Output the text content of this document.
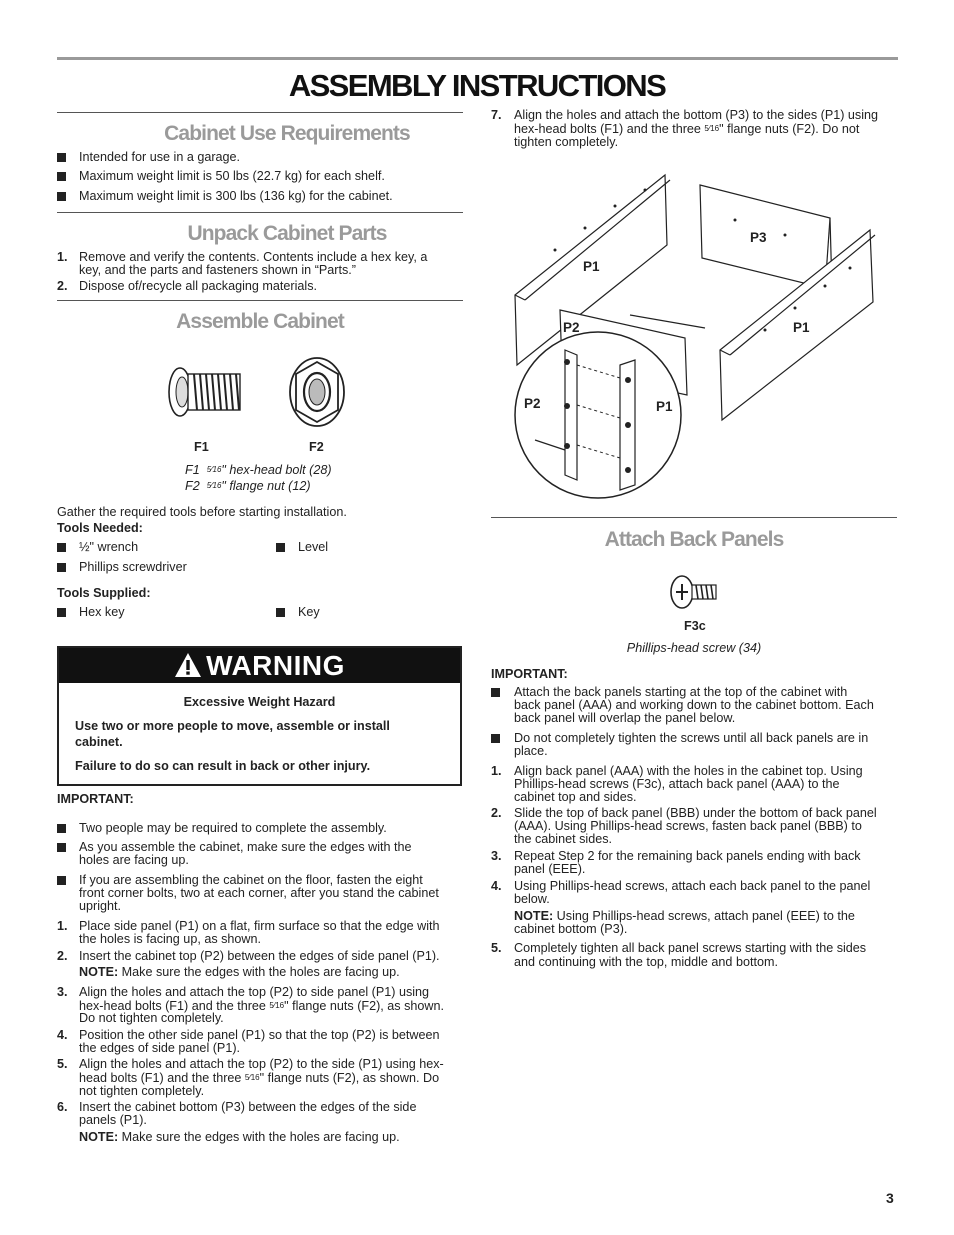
ASSEMBLY INSTRUCTIONS
Cabinet Use Requirements
Intended for use in a garage.
Maximum weight limit is 50 lbs (22.7 kg) for each shelf.
Maximum weight limit is 300 lbs (136 kg) for the cabinet.
Unpack Cabinet Parts
1. Remove and verify the contents. Contents include a hex key, a
key, and the parts and fasteners shown in “Parts.”
2. Dispose of/recycle all packaging materials.
Assemble Cabinet
F1	F2
F1 5⁄16" hex-head bolt (28)
F2 5⁄16" flange nut (12)
Gather the required tools before starting installation.
Tools Needed:
½" wrench	Level
Phillips screwdriver
Tools Supplied:
Hex key	Key
WARNING
Excessive Weight Hazard
Use two or more people to move, assemble or install
cabinet.
Failure to do so can result in back or other injury.
IMPORTANT:
Two people may be required to complete the assembly.
As you assemble the cabinet, make sure the edges with the
holes are facing up.
If you are assembling the cabinet on the floor, fasten the eight
front corner bolts, two at each corner, after you stand the cabinet
upright.
1. Place side panel (P1) on a flat, firm surface so that the edge with
the holes is facing up, as shown.
2. Insert the cabinet top (P2) between the edges of side panel (P1).
NOTE: Make sure the edges with the holes are facing up.
3. Align the holes and attach the top (P2) to side panel (P1) using
hex-head bolts (F1) and the three 5⁄16" flange nuts (F2), as shown.
Do not tighten completely.
4. Position the other side panel (P1) so that the top (P2) is between
the edges of side panel (P1).
5. Align the holes and attach the top (P2) to the side (P1) using hex-
head bolts (F1) and the three 5⁄16" flange nuts (F2), as shown. Do
not tighten completely.
6. Insert the cabinet bottom (P3) between the edges of the side
panels (P1).
NOTE: Make sure the edges with the holes are facing up.
7. Align the holes and attach the bottom (P3) to the sides (P1) using
hex-head bolts (F1) and the three 5⁄16" flange nuts (F2). Do not
tighten completely.
P3
P1
P2	P1
P2	P1
Attach Back Panels
F3c
Phillips-head screw (34)
IMPORTANT:
Attach the back panels starting at the top of the cabinet with
back panel (AAA) and working down to the cabinet bottom. Each
back panel will overlap the panel below.
Do not completely tighten the screws until all back panels are in
place.
1. Align back panel (AAA) with the holes in the cabinet top. Using
Phillips-head screws (F3c), attach back panel (AAA) to the
cabinet top and sides.
2. Slide the top of back panel (BBB) under the bottom of back panel
(AAA). Using Phillips-head screws, fasten back panel (BBB) to
the cabinet sides.
3. Repeat Step 2 for the remaining back panels ending with back
panel (EEE).
4. Using Phillips-head screws, attach each back panel to the panel
below.
NOTE: Using Phillips-head screws, attach panel (EEE) to the
cabinet bottom (P3).
5. Completely tighten all back panel screws starting with the sides
and continuing with the top, middle and bottom.
3
